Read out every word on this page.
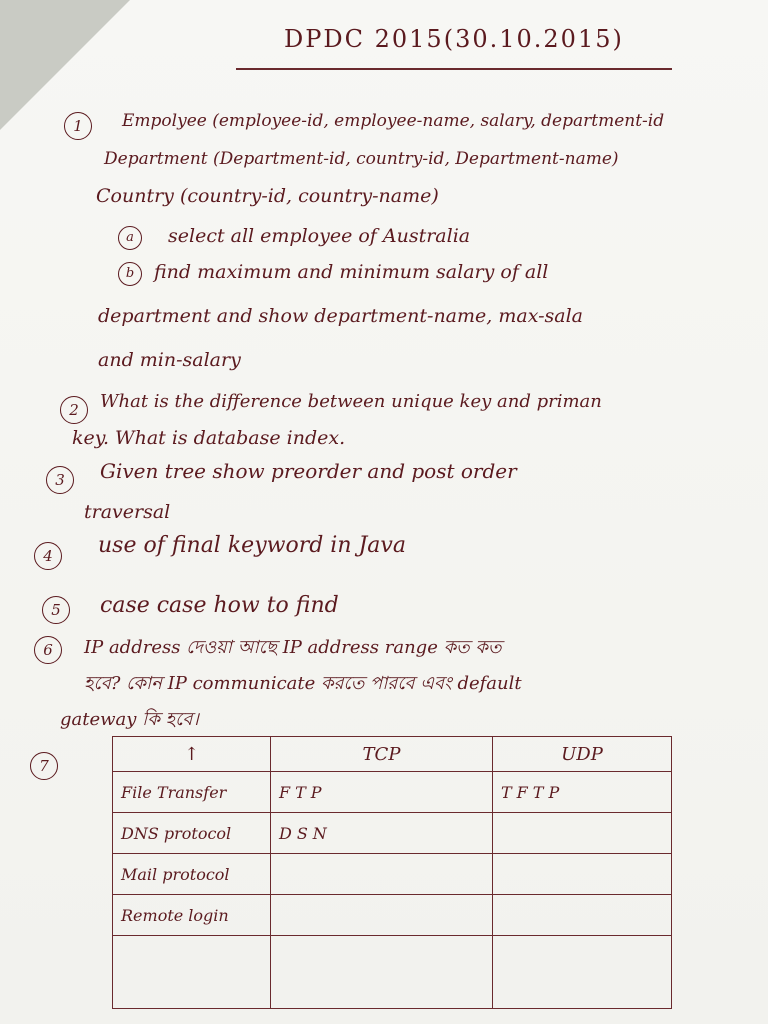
DPDC 2015(30.10.2015)
1	Empolyee (employee-id, employee-name, salary, department-id
Department (Department-id, country-id, Department-name)
Country (country-id, country-name)
a	select all employee of Australia
b	find maximum and minimum salary of all
department and show department-name, max-sala
and min-salary
2	What is the difference between unique key and priman
key. What is database index.
3	Given tree show preorder and post order
traversal
4	use of final keyword in Java
5	case case how to find
6	IP address দেওয়া আছে IP address range কত কত
হবে? কোন IP communicate করতে পারবে এবং default
gateway কি হবে।
7
↑	TCP	UDP
File Transfer	FTP	TFTP
DNS protocol	DSN	
Mail protocol		
Remote login		
